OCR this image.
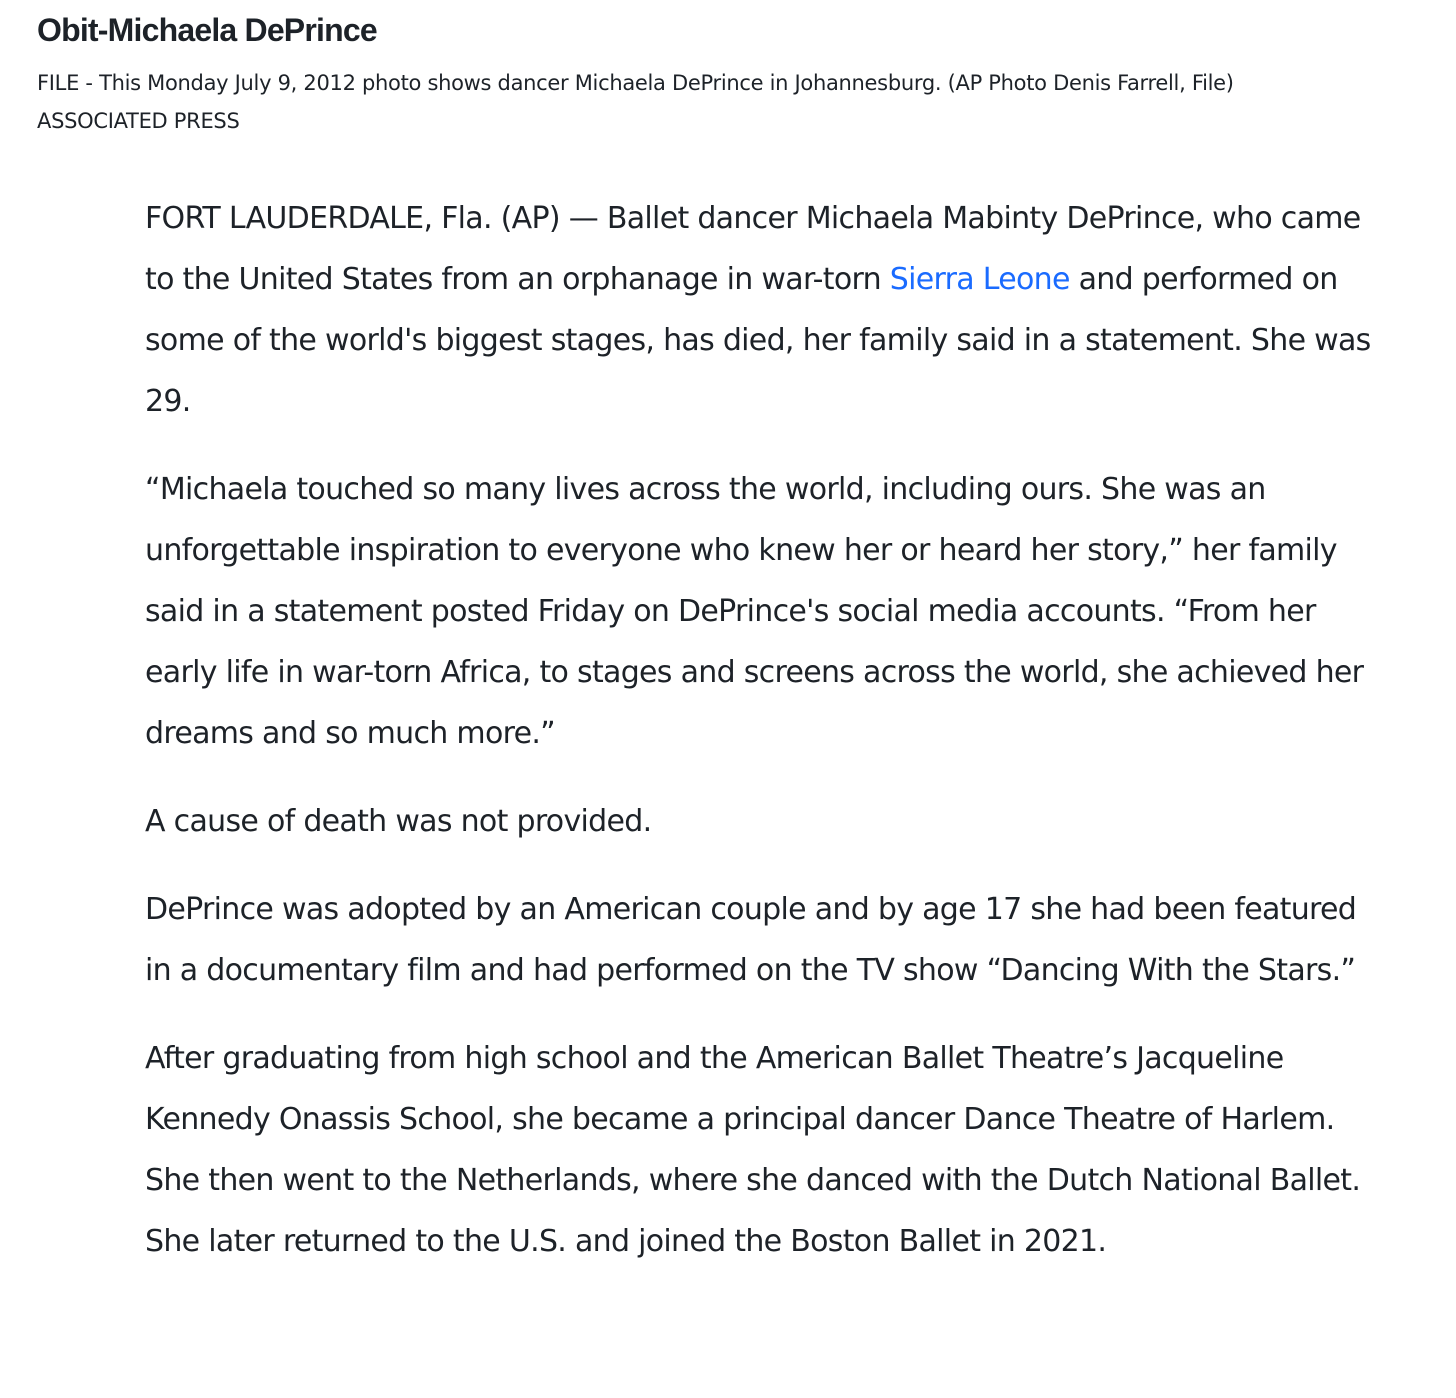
Obit-Michaela DePrince

FILE - This Monday July 9, 2012 photo shows dancer Michaela DePrince in Johannesburg. (AP Photo Denis Farrell, File)

ASSOCIATED PRESS

FORT LAUDERDALE, Fla. (AP) — Ballet dancer Michaela Mabinty DePrince, who came to the United States from an orphanage in war-torn Sierra Leone and performed on some of the world's biggest stages, has died, her family said in a statement. She was 29.

“Michaela touched so many lives across the world, including ours. She was an unforgettable inspiration to everyone who knew her or heard her story,” her family said in a statement posted Friday on DePrince's social media accounts. “From her early life in war-torn Africa, to stages and screens across the world, she achieved her dreams and so much more.”

A cause of death was not provided.

DePrince was adopted by an American couple and by age 17 she had been featured in a documentary film and had performed on the TV show “Dancing With the Stars.”

After graduating from high school and the American Ballet Theatre’s Jacqueline Kennedy Onassis School, she became a principal dancer Dance Theatre of Harlem. She then went to the Netherlands, where she danced with the Dutch National Ballet. She later returned to the U.S. and joined the Boston Ballet in 2021.
